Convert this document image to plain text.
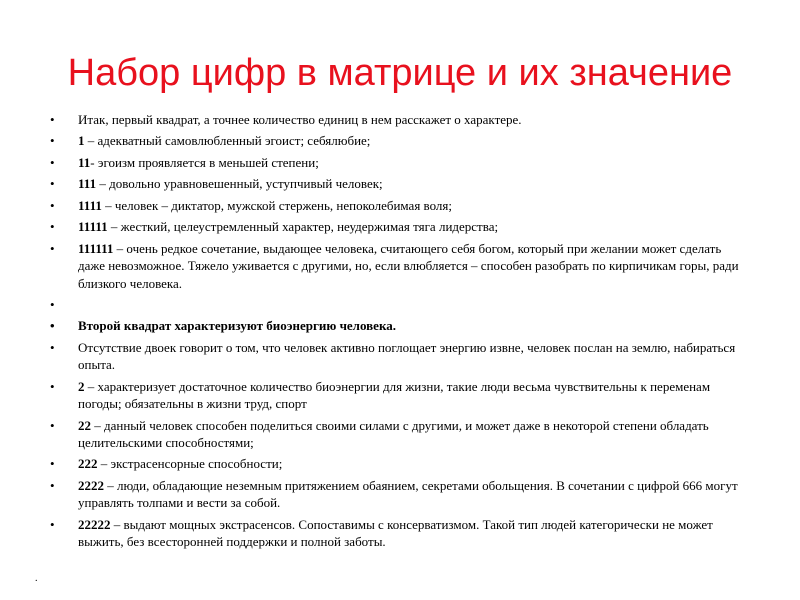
Набор цифр в матрице и их значение
• Итак, первый квадрат, а точнее количество единиц в нем расскажет о характере.
• 1 – адекватный самовлюбленный эгоист; себялюбие;
• 11- эгоизм проявляется в меньшей степени;
• 111 – довольно уравновешенный, уступчивый человек;
• 1111 – человек – диктатор, мужской стержень, непоколебимая воля;
• 11111 – жесткий, целеустремленный характер, неудержимая тяга лидерства;
• 111111 – очень редкое сочетание, выдающее человека, считающего себя богом, который при желании может сделать даже невозможное. Тяжело уживается с другими, но, если влюбляется – способен разобрать по кирпичикам горы, ради близкого человека.
•
• Второй квадрат характеризуют биоэнергию человека.
• Отсутствие двоек говорит о том, что человек активно поглощает энергию извне, человек послан на землю, набираться опыта.
• 2 – характеризует достаточное количество биоэнергии для жизни, такие люди весьма чувствительны к переменам погоды; обязательны в жизни труд, спорт
• 22 – данный человек способен поделиться своими силами с другими, и может даже в некоторой степени обладать целительскими способностями;
• 222 – экстрасенсорные способности;
• 2222 – люди, обладающие неземным притяжением обаянием, секретами обольщения. В сочетании с цифрой 666 могут управлять толпами и вести за собой.
• 22222 – выдают мощных экстрасенсов. Сопоставимы с консерватизмом. Такой тип людей категорически не может выжить, без всесторонней поддержки и полной заботы.
.
